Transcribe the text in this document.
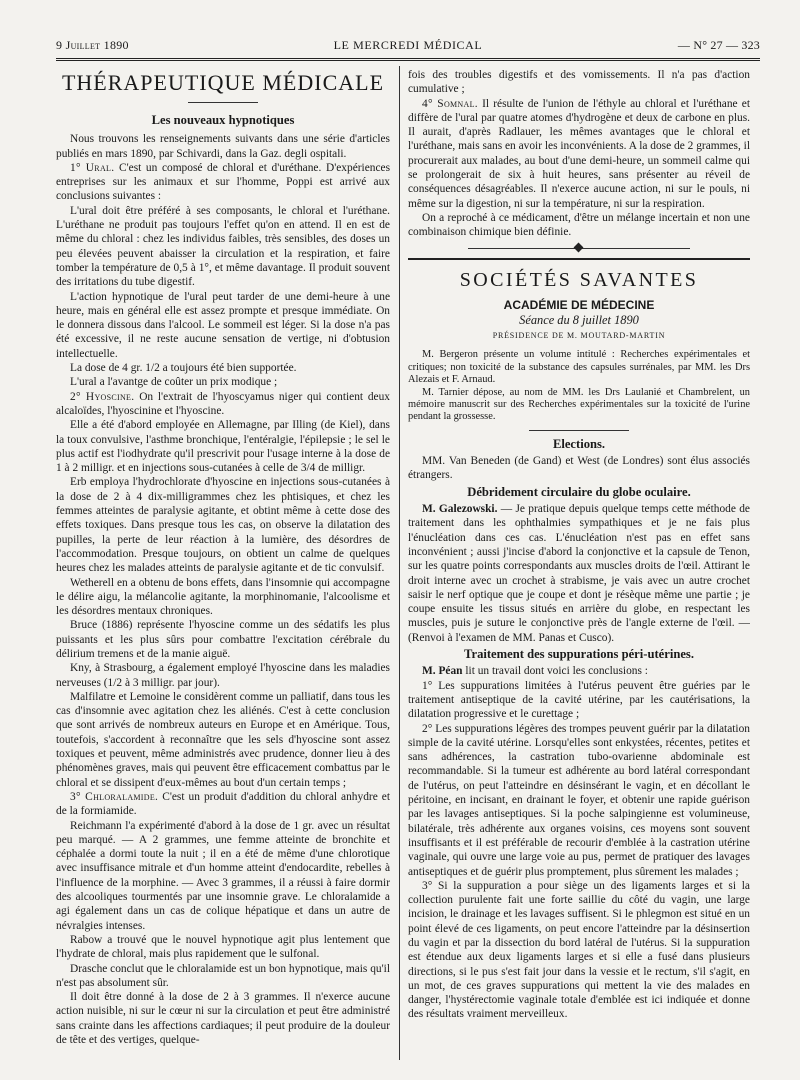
9 Juillet 1890	LE MERCREDI MÉDICAL	— N° 27 — 323
THÉRAPEUTIQUE MÉDICALE
Les nouveaux hypnotiques

Nous trouvons les renseignements suivants dans une série d'articles publiés en mars 1890, par Schivardi, dans la Gaz. degli ospitali.

1° Ural. C'est un composé de chloral et d'uréthane. D'expériences entreprises sur les animaux et sur l'homme, Poppi est arrivé aux conclusions suivantes :

L'ural doit être préféré à ses composants, le chloral et l'uréthane. L'uréthane ne produit pas toujours l'effet qu'on en attend. Il en est de même du chloral : chez les individus faibles, très sensibles, des doses un peu élevées peuvent abaisser la circulation et la respiration, et faire tomber la température de 0,5 à 1°, et même davantage. Il produit souvent des irritations du tube digestif.

L'action hypnotique de l'ural peut tarder de une demi-heure à une heure, mais en général elle est assez prompte et presque immédiate. On le donnera dissous dans l'alcool. Le sommeil est léger. Si la dose n'a pas été excessive, il ne reste aucune sensation de vertige, ni d'obtusion intellectuelle.

La dose de 4 gr. 1/2 a toujours été bien supportée.

L'ural a l'avantge de coûter un prix modique ;

2° Hyoscine. On l'extrait de l'hyoscyamus niger qui contient deux alcaloïdes, l'hyoscinine et l'hyoscine.

Elle a été d'abord employée en Allemagne, par Illing (de Kiel), dans la toux convulsive, l'asthme bronchique, l'entéralgie, l'épilepsie ; le sel le plus actif est l'iodhydrate qu'il prescrivit pour l'usage interne à la dose de 1 à 2 milligr. et en injections sous-cutanées à celle de 3/4 de milligr.

Erb employa l'hydrochlorate d'hyoscine en injections sous-cutanées à la dose de 2 à 4 dix-milligrammes chez les phtisiques, et chez les femmes atteintes de paralysie agitante, et obtint même à cette dose des effets toxiques. Dans presque tous les cas, on observe la dilatation des pupilles, la perte de leur réaction à la lumière, des désordres de l'accommodation. Presque toujours, on obtient un calme de quelques heures chez les malades atteints de paralysie agitante et de tic convulsif.

Wetherell en a obtenu de bons effets, dans l'insomnie qui accompagne le délire aigu, la mélancolie agitante, la morphinomanie, l'alcoolisme et les désordres mentaux chroniques.

Bruce (1886) représente l'hyoscine comme un des sédatifs les plus puissants et les plus sûrs pour combattre l'excitation cérébrale du délirium tremens et de la manie aiguë.

Kny, à Strasbourg, a également employé l'hyoscine dans les maladies nerveuses (1/2 à 3 milligr. par jour).

Malfilatre et Lemoine le considèrent comme un palliatif, dans tous les cas d'insomnie avec agitation chez les aliénés. C'est à cette conclusion que sont arrivés de nombreux auteurs en Europe et en Amérique. Tous, toutefois, s'accordent à reconnaître que les sels d'hyoscine sont assez toxiques et peuvent, même administrés avec prudence, donner lieu à des phénomènes graves, mais qui peuvent être efficacement combattus par le chloral et se dissipent d'eux-mêmes au bout d'un certain temps ;

3° Chloralamide. C'est un produit d'addition du chloral anhydre et de la formiamide.

Reichmann l'a expérimenté d'abord à la dose de 1 gr. avec un résultat peu marqué. — A 2 grammes, une femme atteinte de bronchite et céphalée a dormi toute la nuit ; il en a été de même d'une chlorotique avec insuffisance mitrale et d'un homme atteint d'endocardite, rebelles à l'influence de la morphine. — Avec 3 grammes, il a réussi à faire dormir des alcooliques tourmentés par une insomnie grave. Le chloralamide a agi également dans un cas de colique hépatique et dans un autre de névralgies intenses.

Rabow a trouvé que le nouvel hypnotique agit plus lentement que l'hydrate de chloral, mais plus rapidement que le sulfonal.

Drasche conclut que le chloralamide est un bon hypnotique, mais qu'il n'est pas absolument sûr.

Il doit être donné à la dose de 2 à 3 grammes. Il n'exerce aucune action nuisible, ni sur le cœur ni sur la circulation et peut être administré sans crainte dans les affections cardiaques; il peut produire de la douleur de tête et des vertiges, quelque-

fois des troubles digestifs et des vomissements. Il n'a pas d'action cumulative ;

4° Somnal. Il résulte de l'union de l'éthyle au chloral et l'uréthane et diffère de l'ural par quatre atomes d'hydrogène et deux de carbone en plus. Il aurait, d'après Radlauer, les mêmes avantages que le chloral et l'uréthane, mais sans en avoir les inconvénients. A la dose de 2 grammes, il procurerait aux malades, au bout d'une demi-heure, un sommeil calme qui se prolongerait de six à huit heures, sans présenter au réveil de conséquences désagréables. Il n'exerce aucune action, ni sur le pouls, ni même sur la digestion, ni sur la température, ni sur la respiration.

On a reproché à ce médicament, d'être un mélange incertain et non une combinaison chimique bien définie.

SOCIÉTÉS SAVANTES
ACADÉMIE DE MÉDECINE
Séance du 8 juillet 1890
PRÉSIDENCE DE M. MOUTARD-MARTIN

M. Bergeron présente un volume intitulé : Recherches expérimentales et critiques; non toxicité de la substance des capsules surrénales, par MM. les Drs Alezais et F. Arnaud.

M. Tarnier dépose, au nom de MM. les Drs Laulanié et Chambrelent, un mémoire manuscrit sur des Recherches expérimentales sur la toxicité de l'urine pendant la grossesse.

Elections.

MM. Van Beneden (de Gand) et West (de Londres) sont élus associés étrangers.

Débridement circulaire du globe oculaire.

M. Galezowski. — Je pratique depuis quelque temps cette méthode de traitement dans les ophthalmies sympathiques et je ne fais plus l'énucléation dans ces cas. L'énucléation n'est pas en effet sans inconvénient ; aussi j'incise d'abord la conjonctive et la capsule de Tenon, sur les quatre points correspondants aux muscles droits de l'œil. Attirant le droit interne avec un crochet à strabisme, je vais avec un autre crochet saisir le nerf optique que je coupe et dont je résèque même une partie ; je coupe ensuite les tissus situés en arrière du globe, en respectant les muscles, puis je suture le conjonctive près de l'angle externe de l'œil. — (Renvoi à l'examen de MM. Panas et Cusco).

Traitement des suppurations péri-utérines.

M. Péan lit un travail dont voici les conclusions :

1° Les suppurations limitées à l'utérus peuvent être guéries par le traitement antiseptique de la cavité utérine, par les cautérisations, la dilatation progressive et le curettage ;

2° Les suppurations légères des trompes peuvent guérir par la dilatation simple de la cavité utérine. Lorsqu'elles sont enkystées, récentes, petites et sans adhérences, la castration tubo-ovarienne abdominale est recommandable. Si la tumeur est adhérente au bord latéral correspondant de l'utérus, on peut l'atteindre en désinsérant le vagin, et en décollant le péritoine, en incisant, en drainant le foyer, et obtenir une rapide guérison par les lavages antiseptiques. Si la poche salpingienne est volumineuse, bilatérale, très adhérente aux organes voisins, ces moyens sont souvent insuffisants et il est préférable de recourir d'emblée à la castration utérine vaginale, qui ouvre une large voie au pus, permet de pratiquer des lavages antiseptiques et de guérir plus promptement, plus sûrement les malades ;

3° Si la suppuration a pour siège un des ligaments larges et si la collection purulente fait une forte saillie du côté du vagin, une large incision, le drainage et les lavages suffisent. Si le phlegmon est situé en un point élevé de ces ligaments, on peut encore l'atteindre par la désinsertion du vagin et par la dissection du bord latéral de l'utérus. Si la suppuration est étendue aux deux ligaments larges et si elle a fusé dans plusieurs directions, si le pus s'est fait jour dans la vessie et le rectum, s'il s'agit, en un mot, de ces graves suppurations qui mettent la vie des malades en danger, l'hystérectomie vaginale totale d'emblée est ici indiquée et donne des résultats vraiment merveilleux.
